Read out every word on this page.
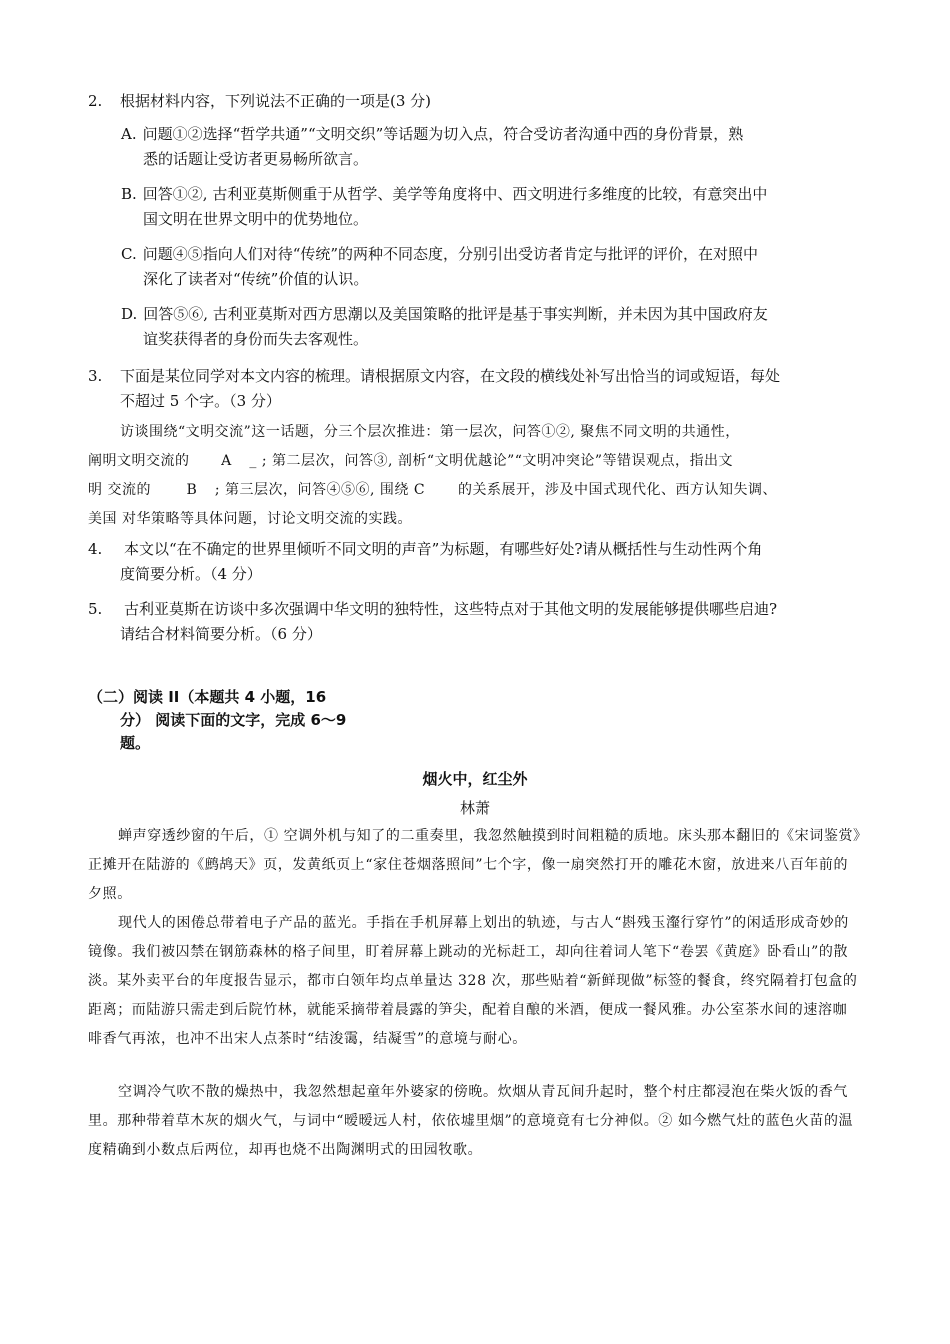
2. 根据材料内容，下列说法不正确的一项是(3 分)
A. 问题①②选择“哲学共通”“文明交织”等话题为切入点，符合受访者沟通中西的身份背景，熟
悉的话题让受访者更易畅所欲言。
B. 回答①②, 古利亚莫斯侧重于从哲学、美学等角度将中、西文明进行多维度的比较，有意突出中
国文明在世界文明中的优势地位。
C. 问题④⑤指向人们对待“传统”的两种不同态度，分别引出受访者肯定与批评的评价，在对照中
深化了读者对“传统”价值的认识。
D. 回答⑤⑥, 古利亚莫斯对西方思潮以及美国策略的批评是基于事实判断，并未因为其中国政府友
谊奖获得者的身份而失去客观性。
3. 下面是某位同学对本文内容的梳理。请根据原文内容，在文段的横线处补写出恰当的词或短语，每处
不超过 5 个字。（3 分）
访谈围绕“文明交流”这一话题，分三个层次推进：第一层次，问答①②, 聚焦不同文明的共通性，
阐明文明交流的 A _ ; 第二层次，问答③, 剖析“文明优越论”“文明冲突论”等错误观点，指出文
明 交流的	B ; 第三层次，问答④⑤⑥, 围绕 C 的关系展开，涉及中国式现代化、西方认知失调、
美国 对华策略等具体问题，讨论文明交流的实践。
4. 本文以“在不确定的世界里倾听不同文明的声音”为标题，有哪些好处?请从概括性与生动性两个角
度简要分析。（4 分）
5. 古利亚莫斯在访谈中多次强调中华文明的独特性，这些特点对于其他文明的发展能够提供哪些启迪?
请结合材料简要分析。（6 分）
（二）阅读 II（本题共 4 小题，16
分） 阅读下面的文字，完成 6～9
题。
烟火中，红尘外
林萧
蝉声穿透纱窗的午后，① 空调外机与知了的二重奏里，我忽然触摸到时间粗糙的质地。床头那本翻旧的《宋词鉴赏》正摊开在陆游的《鹧鸪天》页，发黄纸页上“家住苍烟落照间”七个字，像一扇突然打开的雕花木窗，放进来八百年前的夕照。
现代人的困倦总带着电子产品的蓝光。手指在手机屏幕上划出的轨迹，与古人“斟残玉瀣行穿竹”的闲适形成奇妙的镜像。我们被囚禁在钢筋森林的格子间里，盯着屏幕上跳动的光标赶工，却向往着词人笔下“卷罢《黄庭》卧看山”的散淡。某外卖平台的年度报告显示，都市白领年均点单量达 328 次，那些贴着“新鲜现做”标签的餐食，终究隔着打包盒的距离；而陆游只需走到后院竹林，就能采摘带着晨露的笋尖，配着自酿的米酒，便成一餐风雅。办公室茶水间的速溶咖啡香气再浓，也冲不出宋人点茶时“结浚霭，结凝雪”的意境与耐心。
空调冷气吹不散的燥热中，我忽然想起童年外婆家的傍晚。炊烟从青瓦间升起时，整个村庄都浸泡在柴火饭的香气里。那种带着草木灰的烟火气，与词中“暧暧远人村，依依墟里烟”的意境竟有七分神似。② 如今燃气灶的蓝色火苗的温度精确到小数点后两位，却再也烧不出陶渊明式的田园牧歌。
